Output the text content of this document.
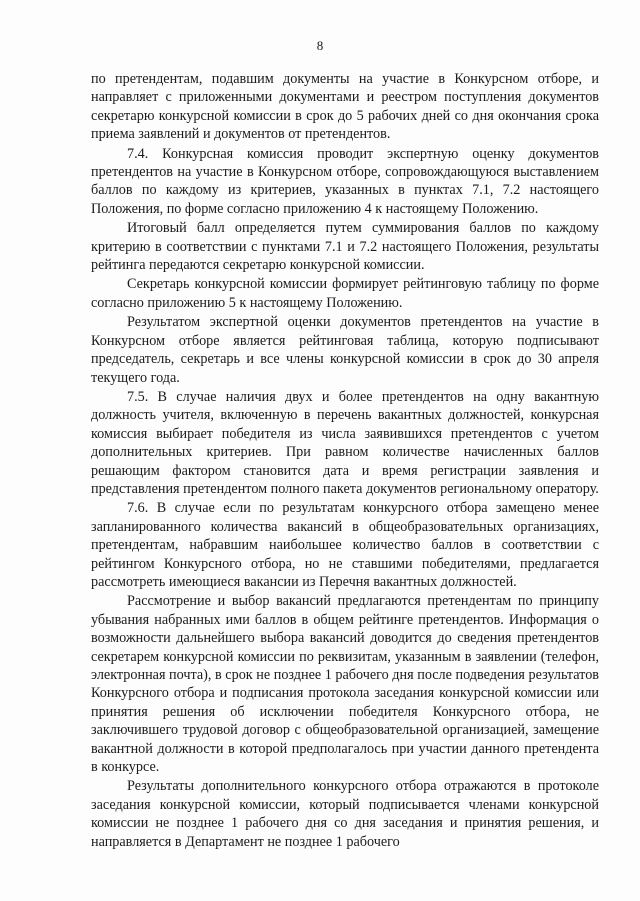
8

по претендентам, подавшим документы на участие в Конкурсном отборе, и направляет с приложенными документами и реестром поступления документов секретарю конкурсной комиссии в срок до 5 рабочих дней со дня окончания срока приема заявлений и документов от претендентов.

7.4. Конкурсная комиссия проводит экспертную оценку документов претендентов на участие в Конкурсном отборе, сопровождающуюся выставлением баллов по каждому из критериев, указанных в пунктах 7.1, 7.2 настоящего Положения, по форме согласно приложению 4 к настоящему Положению.

Итоговый балл определяется путем суммирования баллов по каждому критерию в соответствии с пунктами 7.1 и 7.2 настоящего Положения, результаты рейтинга передаются секретарю конкурсной комиссии.

Секретарь конкурсной комиссии формирует рейтинговую таблицу по форме согласно приложению 5 к настоящему Положению.

Результатом экспертной оценки документов претендентов на участие в Конкурсном отборе является рейтинговая таблица, которую подписывают председатель, секретарь и все члены конкурсной комиссии в срок до 30 апреля текущего года.

7.5. В случае наличия двух и более претендентов на одну вакантную должность учителя, включенную в перечень вакантных должностей, конкурсная комиссия выбирает победителя из числа заявившихся претендентов с учетом дополнительных критериев. При равном количестве начисленных баллов решающим фактором становится дата и время регистрации заявления и представления претендентом полного пакета документов региональному оператору.

7.6. В случае если по результатам конкурсного отбора замещено менее запланированного количества вакансий в общеобразовательных организациях, претендентам, набравшим наибольшее количество баллов в соответствии с рейтингом Конкурсного отбора, но не ставшими победителями, предлагается рассмотреть имеющиеся вакансии из Перечня вакантных должностей.

Рассмотрение и выбор вакансий предлагаются претендентам по принципу убывания набранных ими баллов в общем рейтинге претендентов. Информация о возможности дальнейшего выбора вакансий доводится до сведения претендентов секретарем конкурсной комиссии по реквизитам, указанным в заявлении (телефон, электронная почта), в срок не позднее 1 рабочего дня после подведения результатов Конкурсного отбора и подписания протокола заседания конкурсной комиссии или принятия решения об исключении победителя Конкурсного отбора, не заключившего трудовой договор с общеобразовательной организацией, замещение вакантной должности в которой предполагалось при участии данного претендента в конкурсе.

Результаты дополнительного конкурсного отбора отражаются в протоколе заседания конкурсной комиссии, который подписывается членами конкурсной комиссии не позднее 1 рабочего дня со дня заседания и принятия решения, и направляется в Департамент не позднее 1 рабочего
